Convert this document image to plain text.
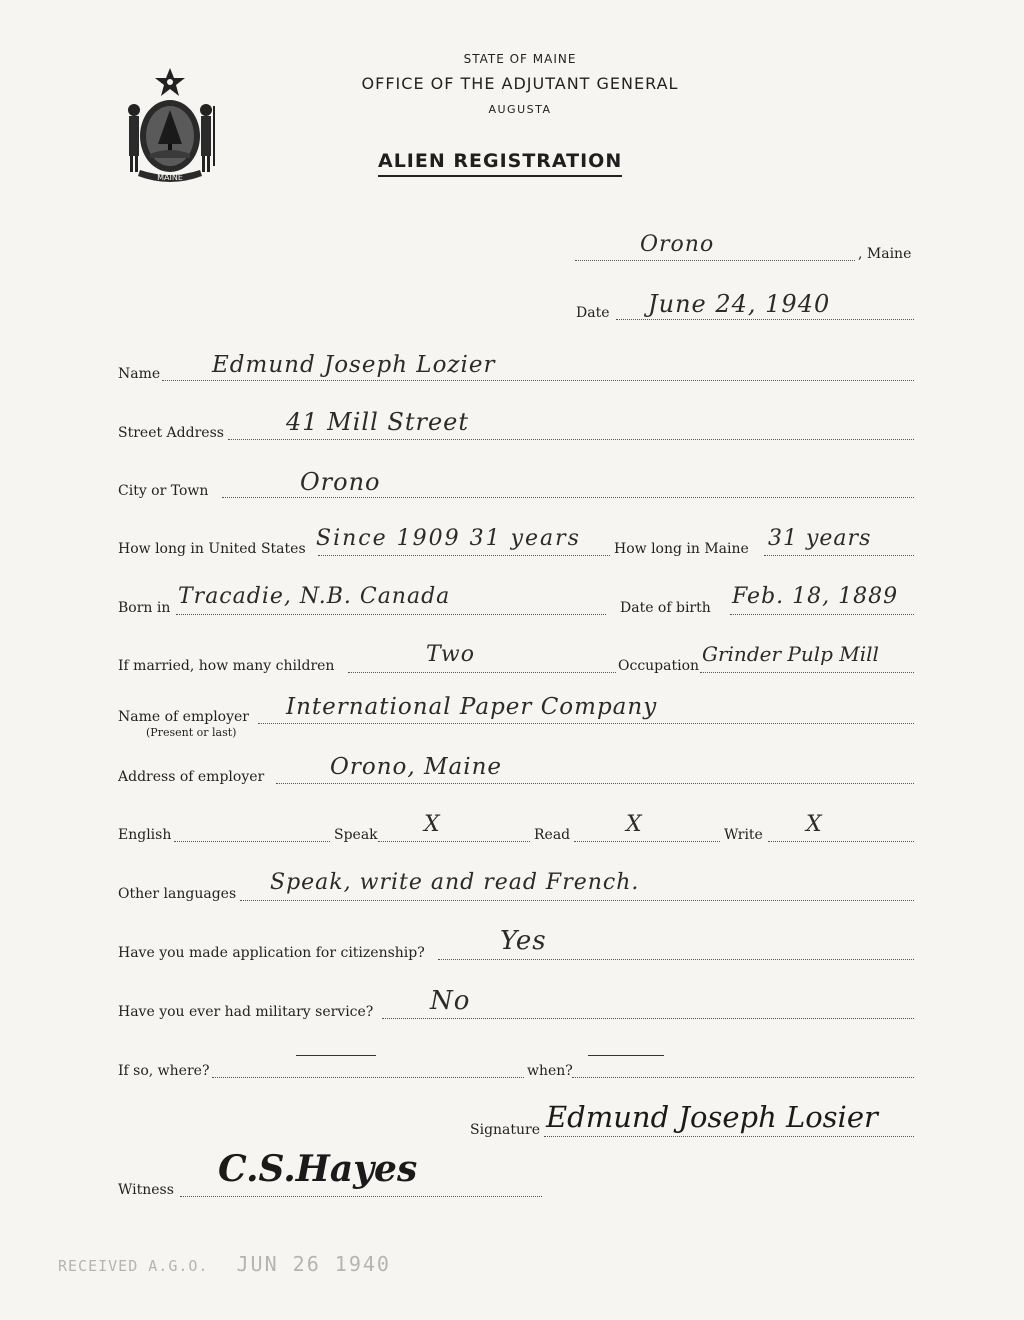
MAINE
STATE OF MAINE
OFFICE OF THE ADJUTANT GENERAL
AUGUSTA
ALIEN REGISTRATION
Orono	, Maine
Date June 24, 1940
Name Edmund Joseph Lozier
Street Address	41 Mill Street
City or Town	Orono
How long in United States Since 1909 31 years How long in Maine 31 years
Born in Tracadie, N.B. Canada	Date of birth Feb. 18, 1889
If married, how many children	Two	Occupation Grinder Pulp Mill
Name of employer
(Present or last)
International Paper Company
Address of employer	Orono, Maine
English	Speak X	Read	X	Write X
Other languages Speak, write and read French.
Have you made application for citizenship?	Yes
Have you ever had military service? No
If so, where?	when?
Signature Edmund Joseph Losier
Witness C.S.Hayes
RECEIVED A.G.O. JUN 26 1940
